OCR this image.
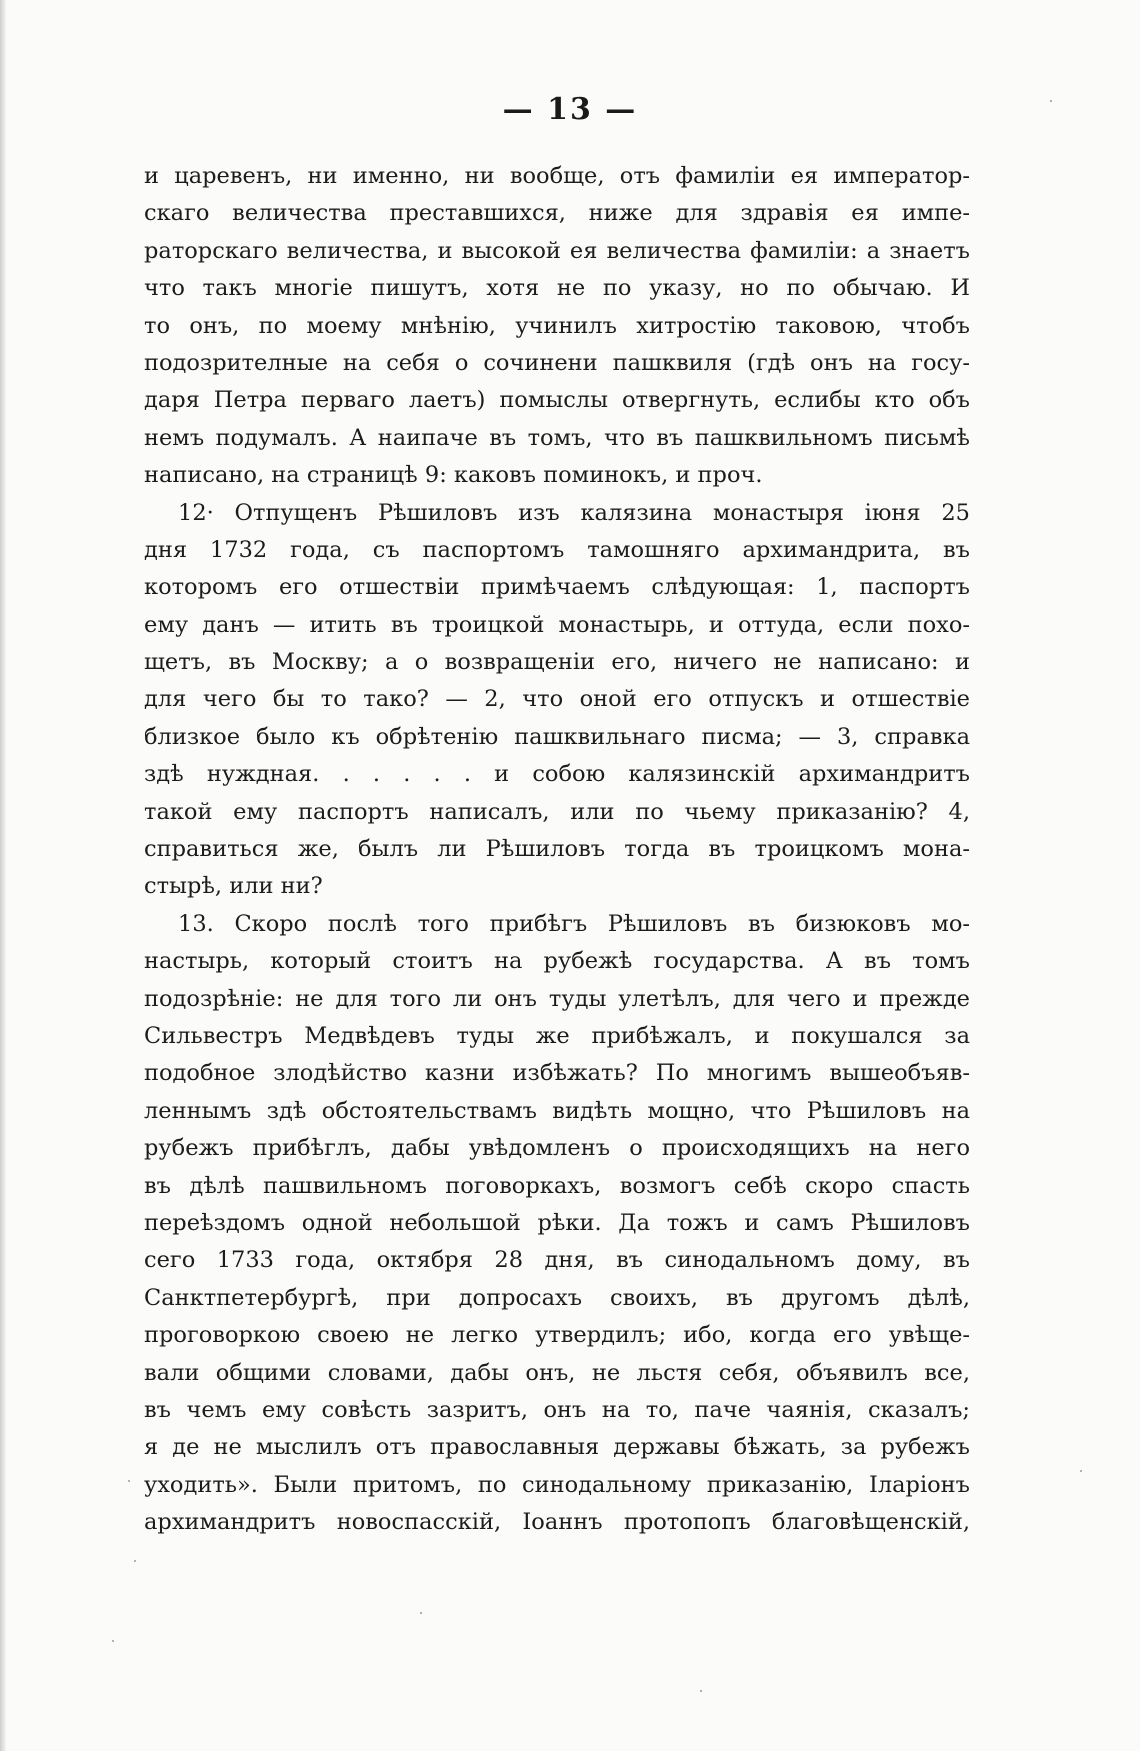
— 13 —
и царевенъ, ни именно, ни вообще, отъ фамиліи ея император-
скаго величества преставшихся, ниже для здравія ея импе-
раторскаго величества, и высокой ея величества фамиліи: а знаетъ
что такъ многіе пишутъ, хотя не по указу, но по обычаю. И
то онъ, по моему мнѣнію, учинилъ хитростію таковою, чтобъ
подозрителные на себя о сочинени пашквиля (гдѣ онъ на госу-
даря Петра перваго лаетъ) помыслы отвергнуть, еслибы кто объ
немъ подумалъ. А наипаче въ томъ, что въ пашквильномъ письмѣ
написано, на страницѣ 9: каковъ поминокъ, и проч.
12· Отпущенъ Рѣшиловъ изъ калязина монастыря іюня 25
дня 1732 года, съ паспортомъ тамошняго архимандрита, въ
которомъ его отшествіи примѣчаемъ слѣдующая: 1, паспортъ
ему данъ — итить въ троицкой монастырь, и оттуда, если похо-
щетъ, въ Москву; а о возвращеніи его, ничего не написано: и
для чего бы то тако? — 2, что оной его отпускъ и отшествіе
близкое было къ обрѣтенію пашквильнаго писма; — 3, справка
здѣ нуждная. . . . . . и собою калязинскій архимандритъ
такой ему паспортъ написалъ, или по чьему приказанію? 4,
справиться же, былъ ли Рѣшиловъ тогда въ троицкомъ мона-
стырѣ, или ни?
13. Скоро послѣ того прибѣгъ Рѣшиловъ въ бизюковъ мо-
настырь, который стоитъ на рубежѣ государства. А въ томъ
подозрѣніе: не для того ли онъ туды улетѣлъ, для чего и прежде
Сильвестръ Медвѣдевъ туды же прибѣжалъ, и покушался за
подобное злодѣйство казни избѣжать? По многимъ вышеобъяв-
леннымъ здѣ обстоятельствамъ видѣть мощно, что Рѣшиловъ на
рубежъ прибѣглъ, дабы увѣдомленъ о происходящихъ на него
въ дѣлѣ пашвильномъ поговоркахъ, возмогъ себѣ скоро спасть
переѣздомъ одной небольшой рѣки. Да тожъ и самъ Рѣшиловъ
сего 1733 года, октября 28 дня, въ синодальномъ дому, въ
Санктпетербургѣ, при допросахъ своихъ, въ другомъ дѣлѣ,
проговоркою своею не легко утвердилъ; ибо, когда его увѣще-
вали общими словами, дабы онъ, не льстя себя, объявилъ все,
въ чемъ ему совѣсть зазритъ, онъ на то, паче чаянія, сказалъ;
я де не мыслилъ отъ православныя державы бѣжать, за рубежъ
уходить». Были притомъ, по синодальному приказанію, Іларіонъ
архимандритъ новоспасскій, Іоаннъ протопопъ благовѣщенскій,
